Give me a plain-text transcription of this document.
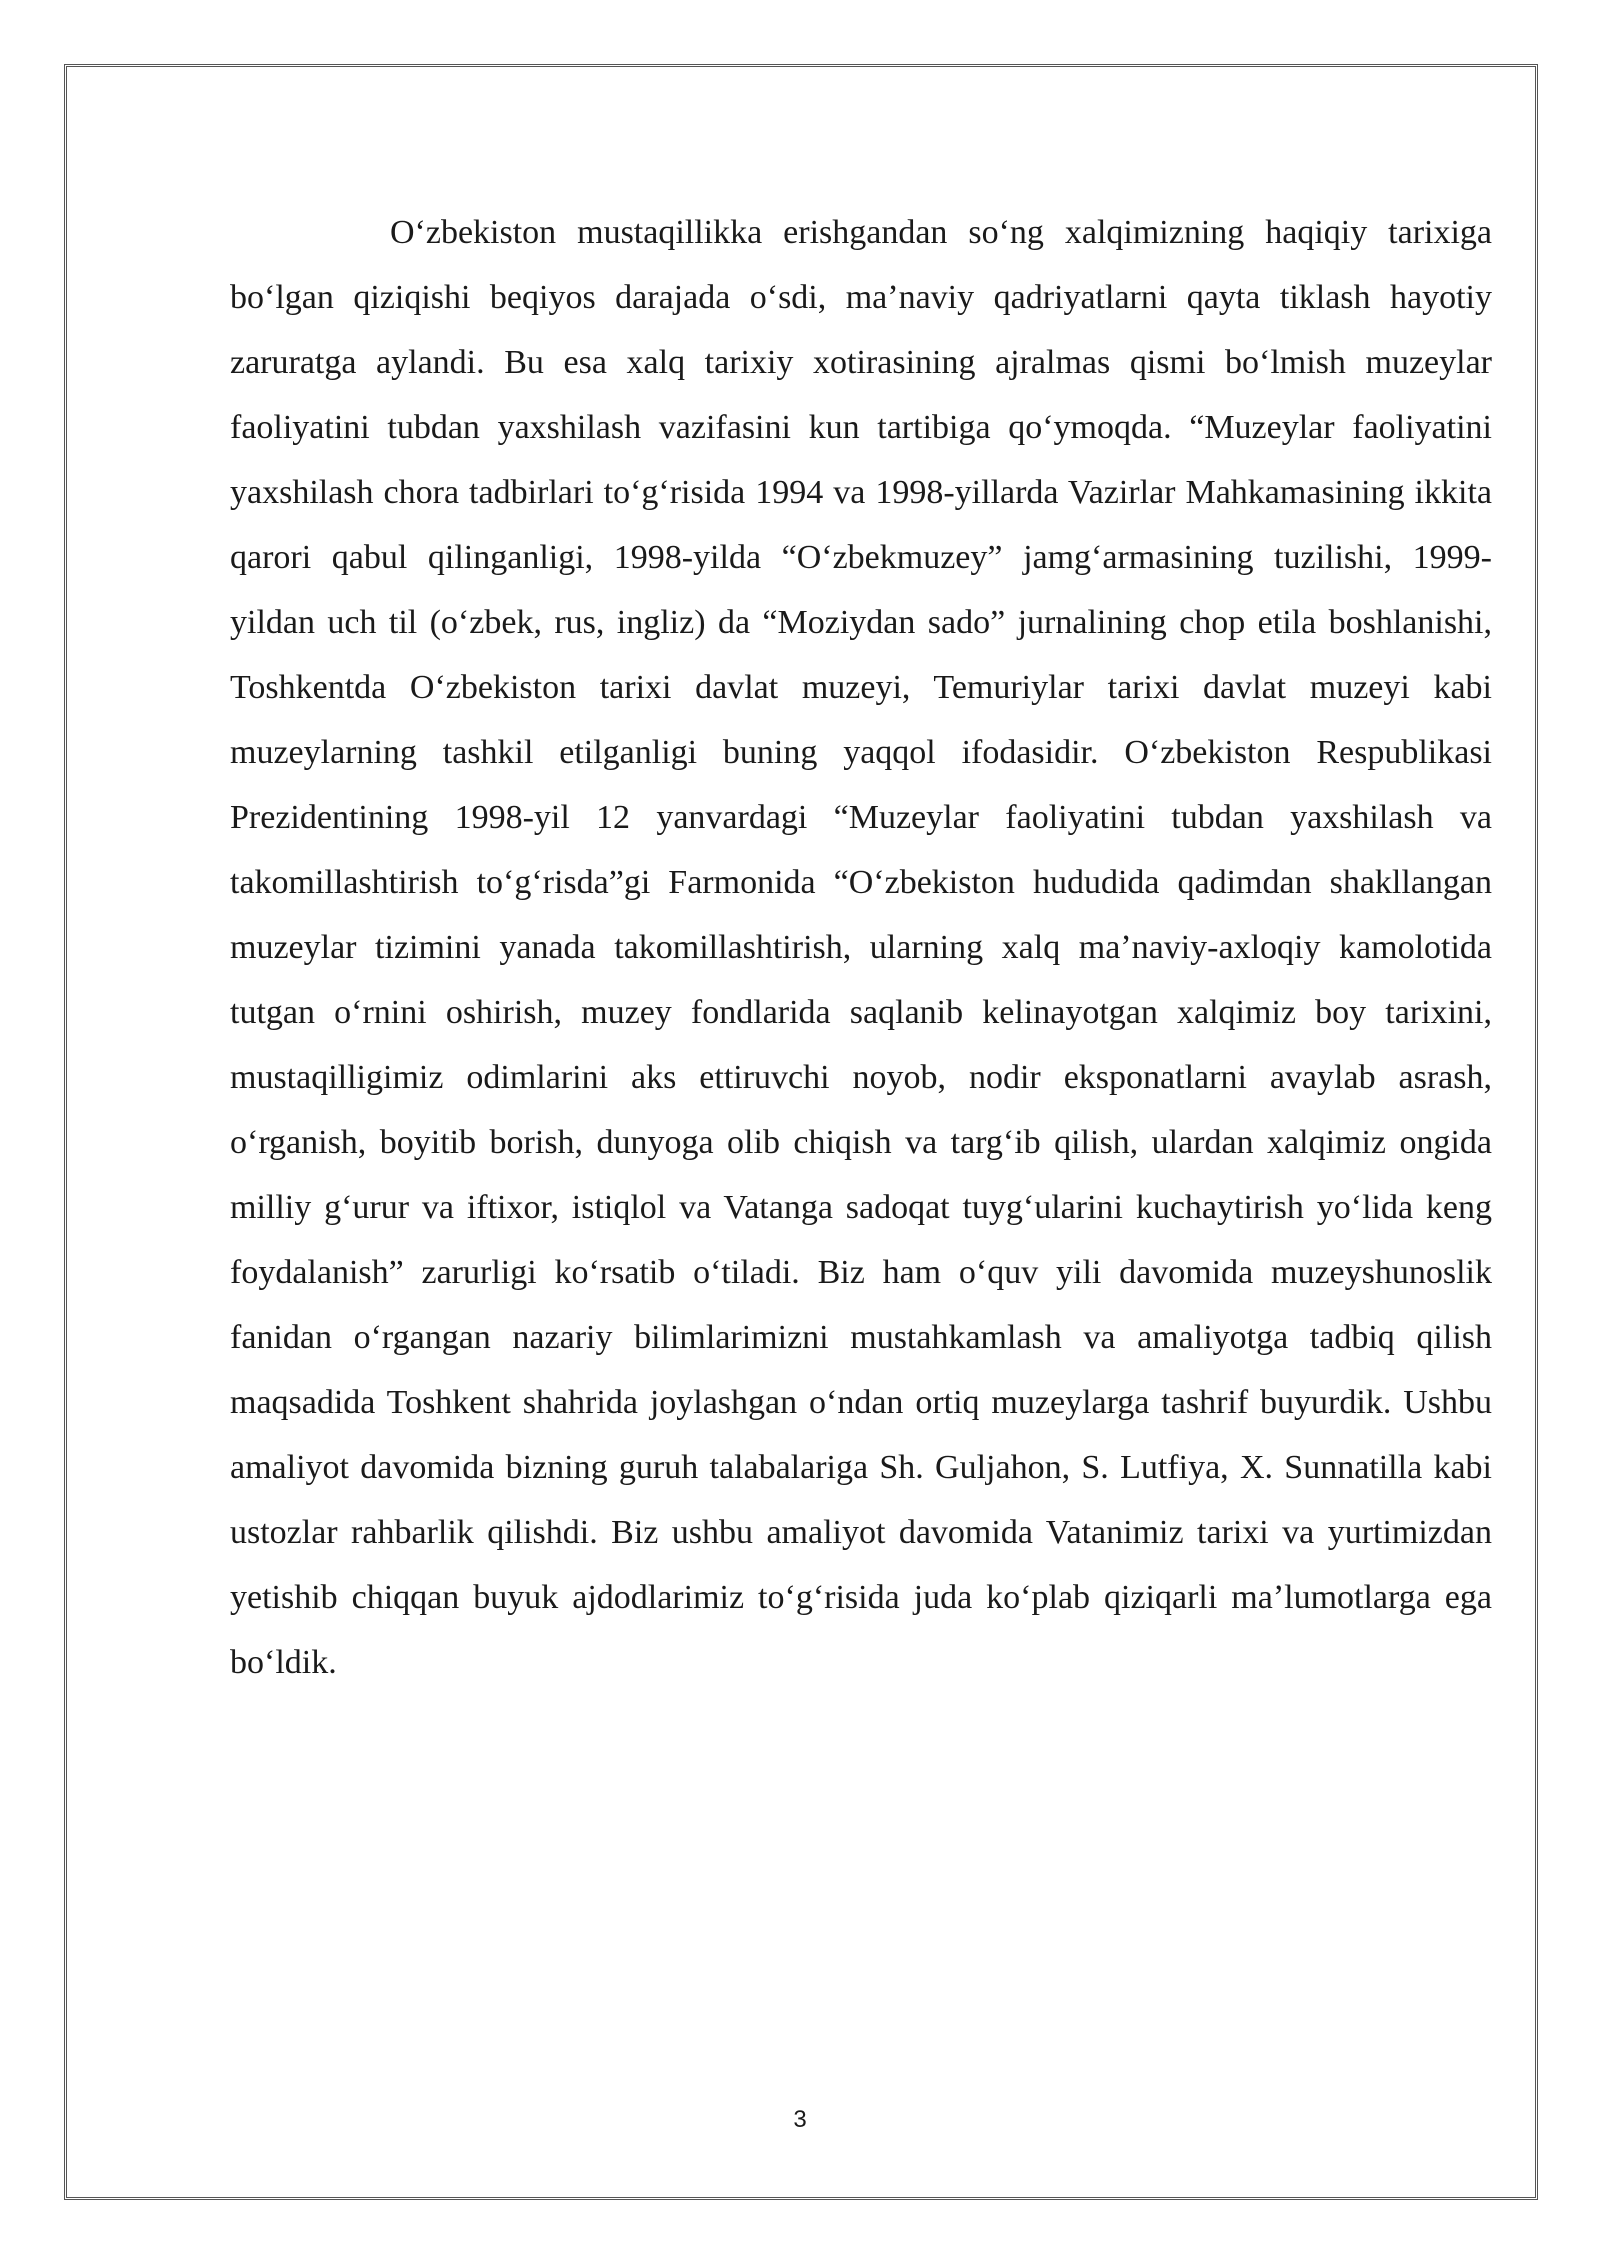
Oʻzbekiston mustaqillikka erishgandan soʻng xalqimizning haqiqiy tarixiga boʻlgan qiziqishi beqiyos darajada oʻsdi, maʼnaviy qadriyatlarni qayta tiklash hayotiy zaruratga aylandi. Bu esa xalq tarixiy xotirasining ajralmas qismi boʻlmish muzeylar faoliyatini tubdan yaxshilash vazifasini kun tartibiga qoʻymoqda. “Muzeylar faoliyatini yaxshilash chora tadbirlari toʻgʻrisida 1994 va 1998-yillarda Vazirlar Mahkamasining ikkita qarori qabul qilinganligi, 1998-yilda “Oʻzbekmuzey” jamgʻarmasining tuzilishi, 1999-yildan uch til (oʻzbek, rus, ingliz) da “Moziydan sado” jurnalining chop etila boshlanishi, Toshkentda Oʻzbekiston tarixi davlat muzeyi, Temuriylar tarixi davlat muzeyi kabi muzeylarning tashkil etilganligi buning yaqqol ifodasidir. Oʻzbekiston Respublikasi Prezidentining 1998-yil 12 yanvardagi “Muzeylar faoliyatini tubdan yaxshilash va takomillashtirish toʻgʻrisda”gi Farmonida “Oʻzbekiston hududida qadimdan shakllangan muzeylar tizimini yanada takomillashtirish, ularning xalq maʼnaviy-axloqiy kamolotida tutgan oʻrnini oshirish, muzey fondlarida saqlanib kelinayotgan xalqimiz boy tarixini, mustaqilligimiz odimlarini aks ettiruvchi noyob, nodir eksponatlarni avaylab asrash, oʻrganish, boyitib borish, dunyoga olib chiqish va targʻib qilish, ulardan xalqimiz ongida milliy gʻurur va iftixor, istiqlol va Vatanga sadoqat tuygʻularini kuchaytirish yoʻlida keng foydalanish” zarurligi koʻrsatib oʻtiladi. Biz ham oʻquv yili davomida muzeyshunoslik fanidan oʻrgangan nazariy bilimlarimizni mustahkamlash va amaliyotga tadbiq qilish maqsadida Toshkent shahrida joylashgan oʻndan ortiq muzeylarga tashrif buyurdik. Ushbu amaliyot davomida bizning guruh talabalariga Sh. Guljahon, S. Lutfiya, X. Sunnatilla kabi ustozlar rahbarlik qilishdi. Biz ushbu amaliyot davomida Vatanimiz tarixi va yurtimizdan yetishib chiqqan buyuk ajdodlarimiz toʻgʻrisida juda koʻplab qiziqarli maʼlumotlarga ega boʻldik.

3
